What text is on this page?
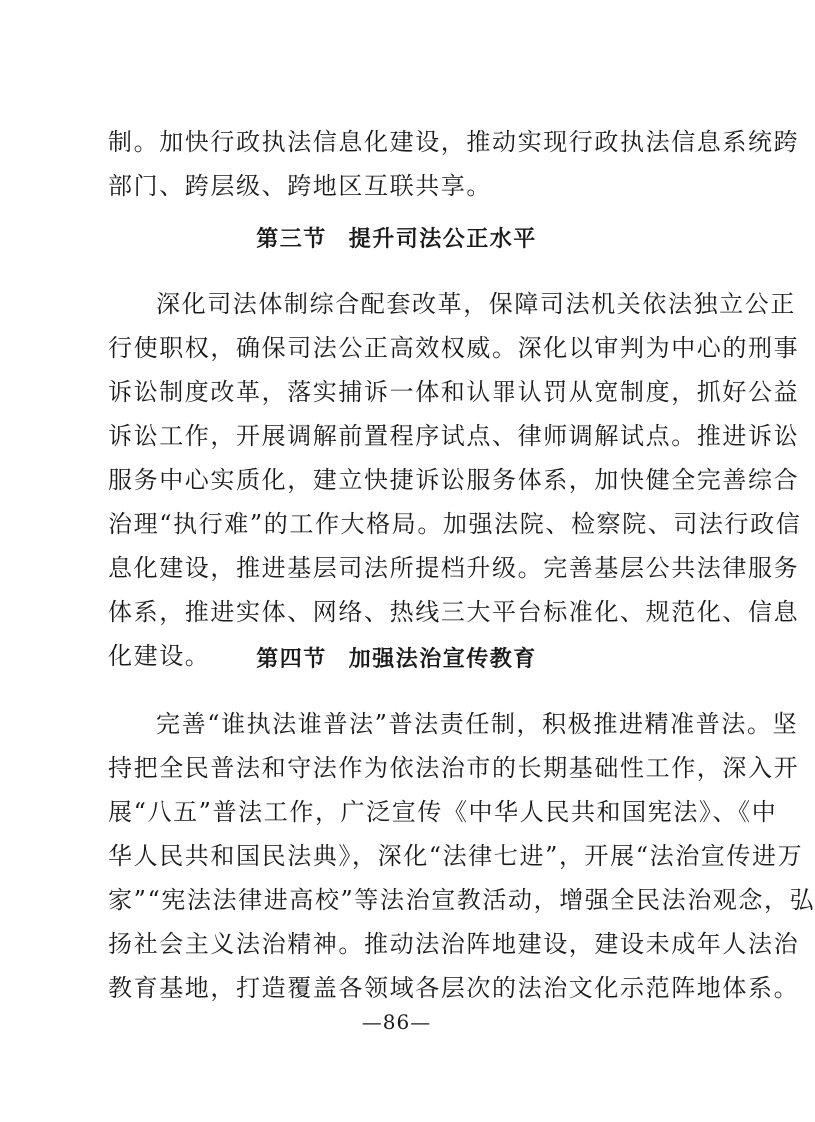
制。加快行政执法信息化建设，推动实现行政执法信息系统跨
部门、跨层级、跨地区互联共享。
第三节 提升司法公正水平
深化司法体制综合配套改革，保障司法机关依法独立公正
行使职权，确保司法公正高效权威。深化以审判为中心的刑事
诉讼制度改革，落实捕诉一体和认罪认罚从宽制度，抓好公益
诉讼工作，开展调解前置程序试点、律师调解试点。推进诉讼
服务中心实质化，建立快捷诉讼服务体系，加快健全完善综合
治理“执行难”的工作大格局。加强法院、检察院、司法行政信
息化建设，推进基层司法所提档升级。完善基层公共法律服务
体系，推进实体、网络、热线三大平台标准化、规范化、信息
化建设。	第四节 加强法治宣传教育
完善“谁执法谁普法”普法责任制，积极推进精准普法。坚
持把全民普法和守法作为依法治市的长期基础性工作，深入开
展“八五”普法工作，广泛宣传《中华人民共和国宪法》、《中
华人民共和国民法典》，深化“法律七进”，开展“法治宣传进万
家”“宪法法律进高校”等法治宣教活动，增强全民法治观念，弘
扬社会主义法治精神。推动法治阵地建设，建设未成年人法治
教育基地，打造覆盖各领域各层次的法治文化示范阵地体系。
—86—
